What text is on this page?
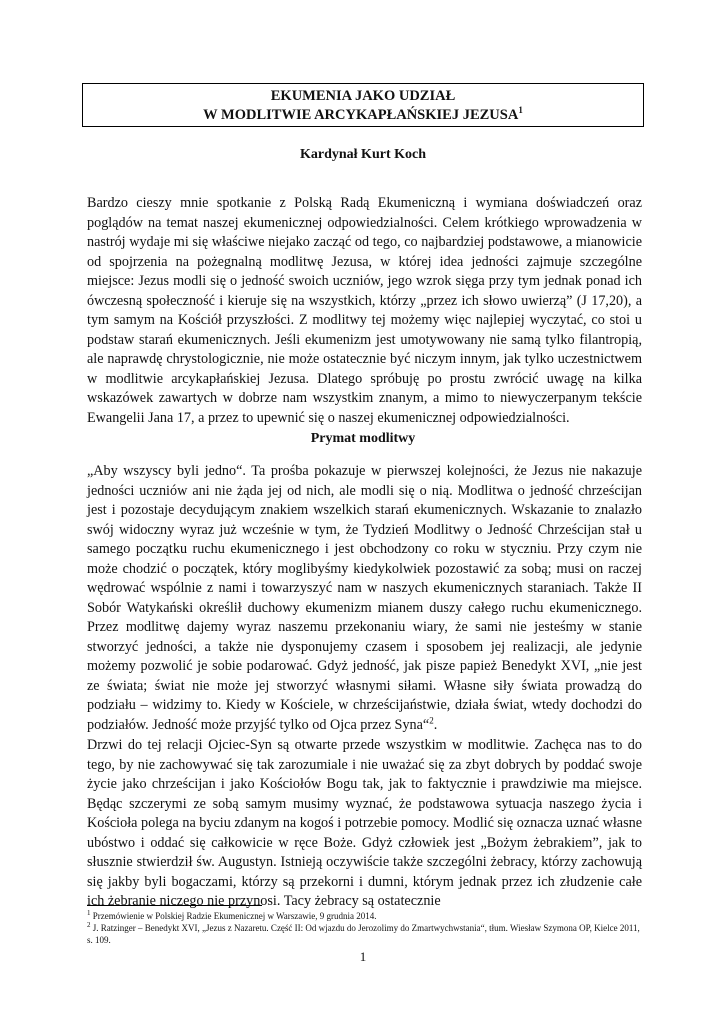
EKUMENIA JAKO UDZIAŁ
W MODLITWIE ARCYKAPŁAŃSKIEJ JEZUSA$^1$
Kardynał Kurt Koch

Bardzo cieszy mnie spotkanie z Polską Radą Ekumeniczną i wymiana doświadczeń oraz poglądów na temat naszej ekumenicznej odpowiedzialności. Celem krótkiego wprowadzenia w nastrój wydaje mi się właściwe niejako zacząć od tego, co najbardziej podstawowe, a mianowicie od spojrzenia na pożegnalną modlitwę Jezusa, w której idea jedności zajmuje szczególne miejsce: Jezus modli się o jedność swoich uczniów, jego wzrok sięga przy tym jednak ponad ich ówczesną społeczność i kieruje się na wszystkich, którzy „przez ich słowo uwierzą” (J 17,20), a tym samym na Kościół przyszłości. Z modlitwy tej możemy więc najlepiej wyczytać, co stoi u podstaw starań ekumenicznych. Jeśli ekumenizm jest umotywowany nie samą tylko filantropią, ale naprawdę chrystologicznie, nie może ostatecznie być niczym innym, jak tylko uczestnictwem w modlitwie arcykapłańskiej Jezusa. Dlatego spróbuję po prostu zwrócić uwagę na kilka wskazówek zawartych w dobrze nam wszystkim znanym, a mimo to niewyczerpanym tekście Ewangelii Jana 17, a przez to upewnić się o naszej ekumenicznej odpowiedzialności.

Prymat modlitwy

„Aby wszyscy byli jedno“. Ta prośba pokazuje w pierwszej kolejności, że Jezus nie nakazuje jedności uczniów ani nie żąda jej od nich, ale modli się o nią. Modlitwa o jedność chrześcijan jest i pozostaje decydującym znakiem wszelkich starań ekumenicznych. Wskazanie to znalazło swój widoczny wyraz już wcześnie w tym, że Tydzień Modlitwy o Jedność Chrześcijan stał u samego początku ruchu ekumenicznego i jest obchodzony co roku w styczniu. Przy czym nie może chodzić o początek, który moglibyśmy kiedykolwiek pozostawić za sobą; musi on raczej wędrować wspólnie z nami i towarzyszyć nam w naszych ekumenicznych staraniach. Także II Sobór Watykański określił duchowy ekumenizm mianem duszy całego ruchu ekumenicznego. Przez modlitwę dajemy wyraz naszemu przekonaniu wiary, że sami nie jesteśmy w stanie stworzyć jedności, a także nie dysponujemy czasem i sposobem jej realizacji, ale jedynie możemy pozwolić je sobie podarować. Gdyż jedność, jak pisze papież Benedykt XVI, „nie jest ze świata; świat nie może jej stworzyć własnymi siłami. Własne siły świata prowadzą do podziału – widzimy to. Kiedy w Kościele, w chrześcijaństwie, działa świat, wtedy dochodzi do podziałów. Jedność może przyjść tylko od Ojca przez Syna“$^2$.

Drzwi do tej relacji Ojciec-Syn są otwarte przede wszystkim w modlitwie. Zachęca nas to do tego, by nie zachowywać się tak zarozumiale i nie uważać się za zbyt dobrych by poddać swoje życie jako chrześcijan i jako Kościołów Bogu tak, jak to faktycznie i prawdziwie ma miejsce. Będąc szczerymi ze sobą samym musimy wyznać, że podstawowa sytuacja naszego życia i Kościoła polega na byciu zdanym na kogoś i potrzebie pomocy. Modlić się oznacza uznać własne ubóstwo i oddać się całkowicie w ręce Boże. Gdyż człowiek jest „Bożym żebrakiem”, jak to słusznie stwierdził św. Augustyn. Istnieją oczywiście także szczególni żebracy, którzy zachowują się jakby byli bogaczami, którzy są przekorni i dumni, którym jednak przez ich złudzenie całe ich żebranie niczego nie przynosi. Tacy żebracy są ostatecznie

$^1$ Przemówienie w Polskiej Radzie Ekumenicznej w Warszawie, 9 grudnia 2014.
$^2$ J. Ratzinger – Benedykt XVI, „Jezus z Nazaretu. Część II: Od wjazdu do Jerozolimy do Zmartwychwstania“, tłum. Wiesław Szymona OP, Kielce 2011, s. 109.
1
